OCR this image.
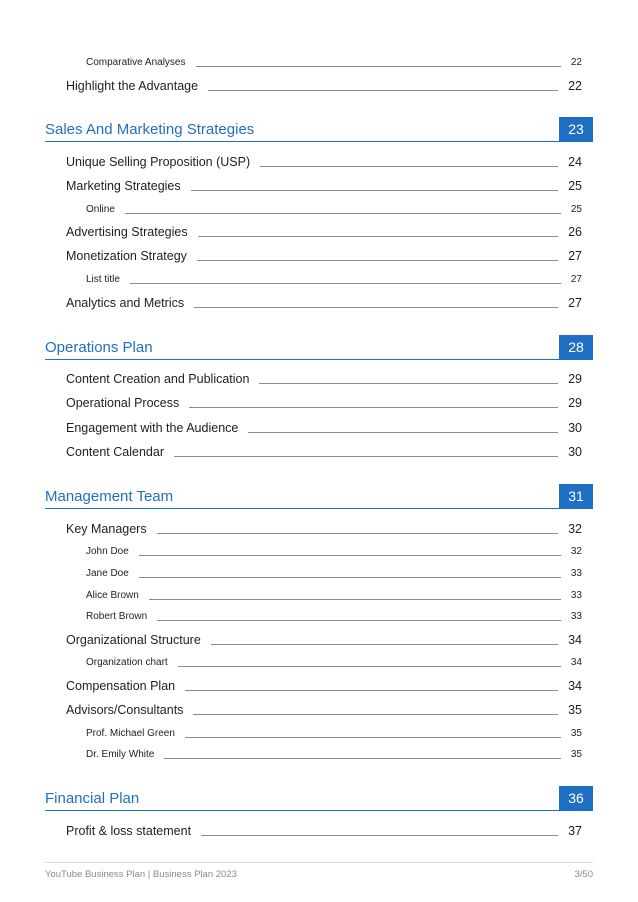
Comparative Analyses	22
Highlight the Advantage	22
Sales And Marketing Strategies	23
Unique Selling Proposition (USP)	24
Marketing Strategies	25
Online	25
Advertising Strategies	26
Monetization Strategy	27
List title	27
Analytics and Metrics	27
Operations Plan	28
Content Creation and Publication	29
Operational Process	29
Engagement with the Audience	30
Content Calendar	30
Management Team	31
Key Managers	32
John Doe	32
Jane Doe	33
Alice Brown	33
Robert Brown	33
Organizational Structure	34
Organization chart	34
Compensation Plan	34
Advisors/Consultants	35
Prof. Michael Green	35
Dr. Emily White	35
Financial Plan	36
Profit & loss statement	37
YouTube Business Plan | Business Plan 2023	3/50
